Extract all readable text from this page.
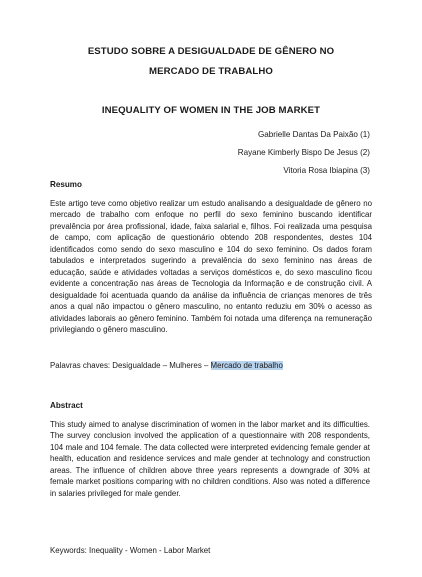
ESTUDO SOBRE A DESIGUALDADE DE GÊNERO NO
MERCADO DE TRABALHO
INEQUALITY OF WOMEN IN THE JOB MARKET
Gabrielle Dantas Da Paixão (1)
Rayane Kimberly Bispo De Jesus (2)
Vitoria Rosa Ibiapina (3)
Resumo

Este artigo teve como objetivo realizar um estudo analisando a desigualdade de gênero no mercado de trabalho com enfoque no perfil do sexo feminino buscando identificar prevalência por área profissional, idade, faixa salarial e, filhos. Foi realizada uma pesquisa de campo, com aplicação de questionário obtendo 208 respondentes, destes 104 identificados como sendo do sexo masculino e 104 do sexo feminino. Os dados foram tabulados e interpretados sugerindo a prevalência do sexo feminino nas áreas de educação, saúde e atividades voltadas a serviços domésticos e, do sexo masculino ficou evidente a concentração nas áreas de Tecnologia da Informação e de construção civil. A desigualdade foi acentuada quando da análise da influência de crianças menores de três anos a qual não impactou o gênero masculino, no entanto reduziu em 30% o acesso as atividades laborais ao gênero feminino. Também foi notada uma diferença na remuneração privilegiando o gênero masculino.

Palavras chaves: Desigualdade – Mulheres – Mercado de trabalho
Abstract

This study aimed to analyse discrimination of women in the labor market and its difficulties. The survey conclusion involved the application of a questionnaire with 208 respondents, 104 male and 104 female. The data collected were interpreted evidencing female gender at health, education and residence services and male gender at technology and construction areas. The influence of children above three years represents a downgrade of 30% at female market positions comparing with no children conditions. Also was noted a difference in salaries privileged for male gender.

Keywords: Inequality - Women - Labor Market
